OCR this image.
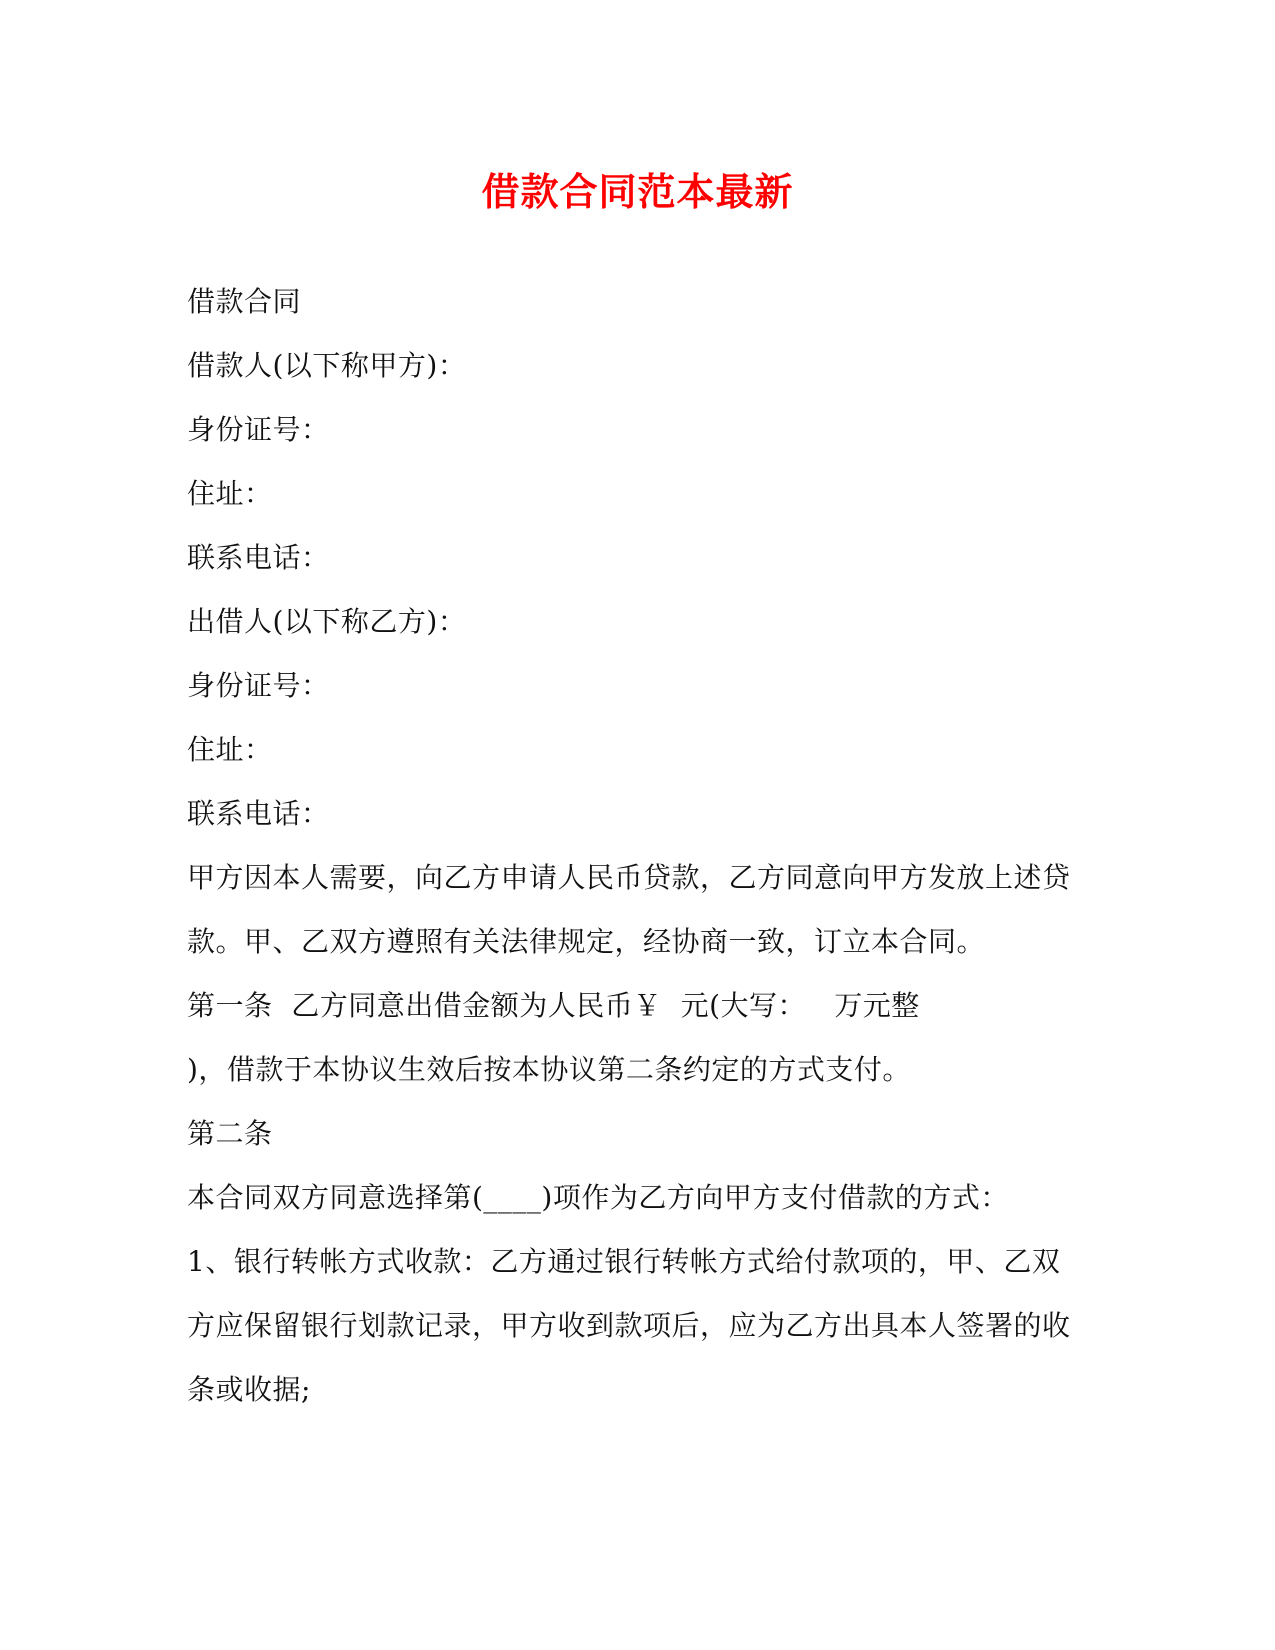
借款合同范本最新
借款合同
借款人(以下称甲方)：
身份证号：
住址：
联系电话：
出借人(以下称乙方)：
身份证号：
住址：
联系电话：
甲方因本人需要，向乙方申请人民币贷款，乙方同意向甲方发放上述贷
款。甲、乙双方遵照有关法律规定，经协商一致，订立本合同。
第一条  乙方同意出借金额为人民币￥  元(大写：   万元整
)，借款于本协议生效后按本协议第二条约定的方式支付。
第二条
本合同双方同意选择第(____)项作为乙方向甲方支付借款的方式：
1、银行转帐方式收款：乙方通过银行转帐方式给付款项的，甲、乙双
方应保留银行划款记录，甲方收到款项后，应为乙方出具本人签署的收
条或收据;
